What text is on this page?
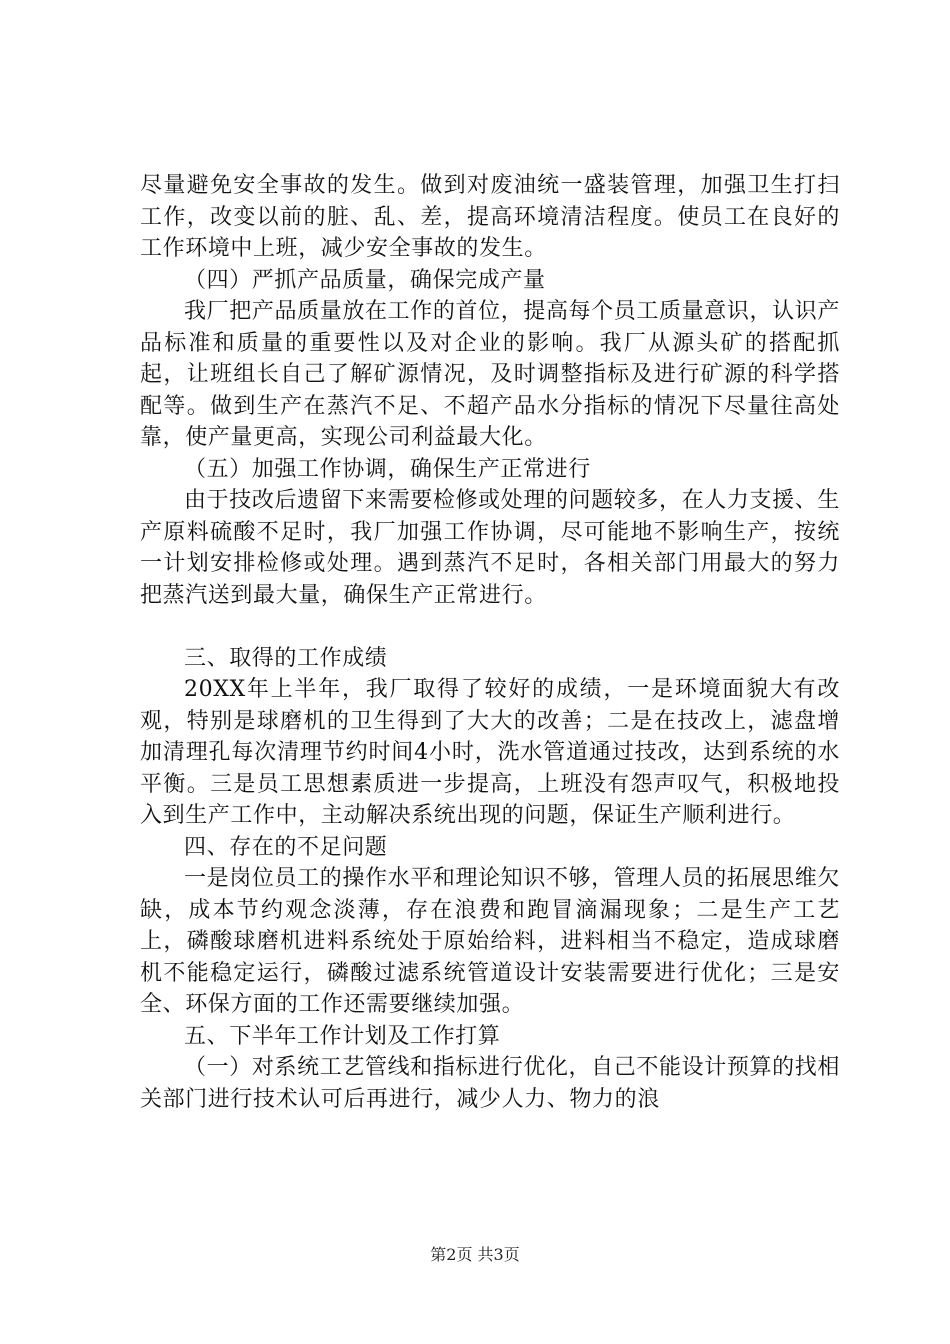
尽量避免安全事故的发生。做到对废油统一盛装管理，加强卫生打扫工作，改变以前的脏、乱、差，提高环境清洁程度。使员工在良好的工作环境中上班，减少安全事故的发生。

（四）严抓产品质量，确保完成产量

我厂把产品质量放在工作的首位，提高每个员工质量意识，认识产品标准和质量的重要性以及对企业的影响。我厂从源头矿的搭配抓起，让班组长自己了解矿源情况，及时调整指标及进行矿源的科学搭配等。做到生产在蒸汽不足、不超产品水分指标的情况下尽量往高处靠，使产量更高，实现公司利益最大化。

（五）加强工作协调，确保生产正常进行

由于技改后遗留下来需要检修或处理的问题较多，在人力支援、生产原料硫酸不足时，我厂加强工作协调，尽可能地不影响生产，按统一计划安排检修或处理。遇到蒸汽不足时，各相关部门用最大的努力把蒸汽送到最大量，确保生产正常进行。

三、取得的工作成绩

20XX年上半年，我厂取得了较好的成绩，一是环境面貌大有改观，特别是球磨机的卫生得到了大大的改善；二是在技改上，滤盘增加清理孔每次清理节约时间4小时，洗水管道通过技改，达到系统的水平衡。三是员工思想素质进一步提高，上班没有怨声叹气，积极地投入到生产工作中，主动解决系统出现的问题，保证生产顺利进行。

四、存在的不足问题

一是岗位员工的操作水平和理论知识不够，管理人员的拓展思维欠缺，成本节约观念淡薄，存在浪费和跑冒滴漏现象；二是生产工艺上，磷酸球磨机进料系统处于原始给料，进料相当不稳定，造成球磨机不能稳定运行，磷酸过滤系统管道设计安装需要进行优化；三是安全、环保方面的工作还需要继续加强。

五、下半年工作计划及工作打算

（一）对系统工艺管线和指标进行优化，自己不能设计预算的找相关部门进行技术认可后再进行，减少人力、物力的浪

第2页 共3页
